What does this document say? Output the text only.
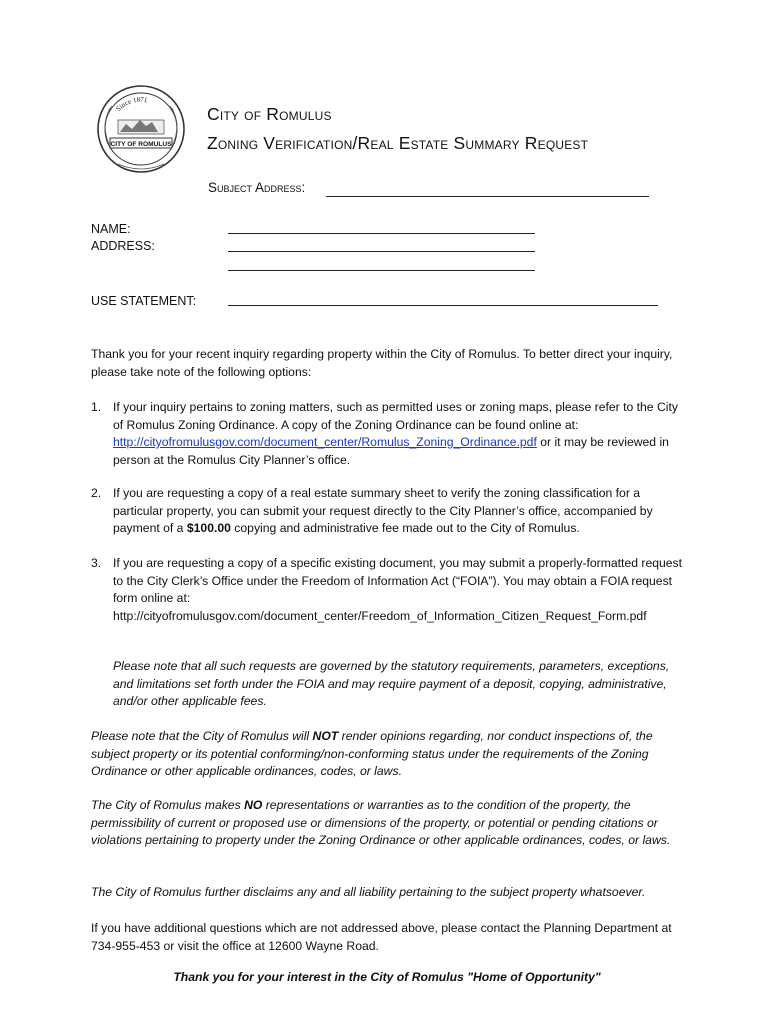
Since 1871
CITY OF ROMULUS
City of Romulus
Zoning Verification/Real Estate Summary Request
Subject Address:
NAME:
ADDRESS:
USE STATEMENT:

Thank you for your recent inquiry regarding property within the City of Romulus. To better direct your inquiry, please take note of the following options:

1. If your inquiry pertains to zoning matters, such as permitted uses or zoning maps, please refer to the City of Romulus Zoning Ordinance. A copy of the Zoning Ordinance can be found online at: http://cityofromulusgov.com/document_center/Romulus_Zoning_Ordinance.pdf or it may be reviewed in person at the Romulus City Planner’s office.
2. If you are requesting a copy of a real estate summary sheet to verify the zoning classification for a particular property, you can submit your request directly to the City Planner’s office, accompanied by payment of a $100.00 copying and administrative fee made out to the City of Romulus.
3. If you are requesting a copy of a specific existing document, you may submit a properly-formatted request to the City Clerk’s Office under the Freedom of Information Act (“FOIA”). You may obtain a FOIA request form online at:
http://cityofromulusgov.com/document_center/Freedom_of_Information_Citizen_Request_Form.pdf

Please note that all such requests are governed by the statutory requirements, parameters, exceptions, and limitations set forth under the FOIA and may require payment of a deposit, copying, administrative, and/or other applicable fees.

Please note that the City of Romulus will NOT render opinions regarding, nor conduct inspections of, the subject property or its potential conforming/non-conforming status under the requirements of the Zoning Ordinance or other applicable ordinances, codes, or laws.

The City of Romulus makes NO representations or warranties as to the condition of the property, the permissibility of current or proposed use or dimensions of the property, or potential or pending citations or violations pertaining to property under the Zoning Ordinance or other applicable ordinances, codes, or laws.

The City of Romulus further disclaims any and all liability pertaining to the subject property whatsoever.

If you have additional questions which are not addressed above, please contact the Planning Department at 734-955-453 or visit the office at 12600 Wayne Road.

Thank you for your interest in the City of Romulus "Home of Opportunity"
